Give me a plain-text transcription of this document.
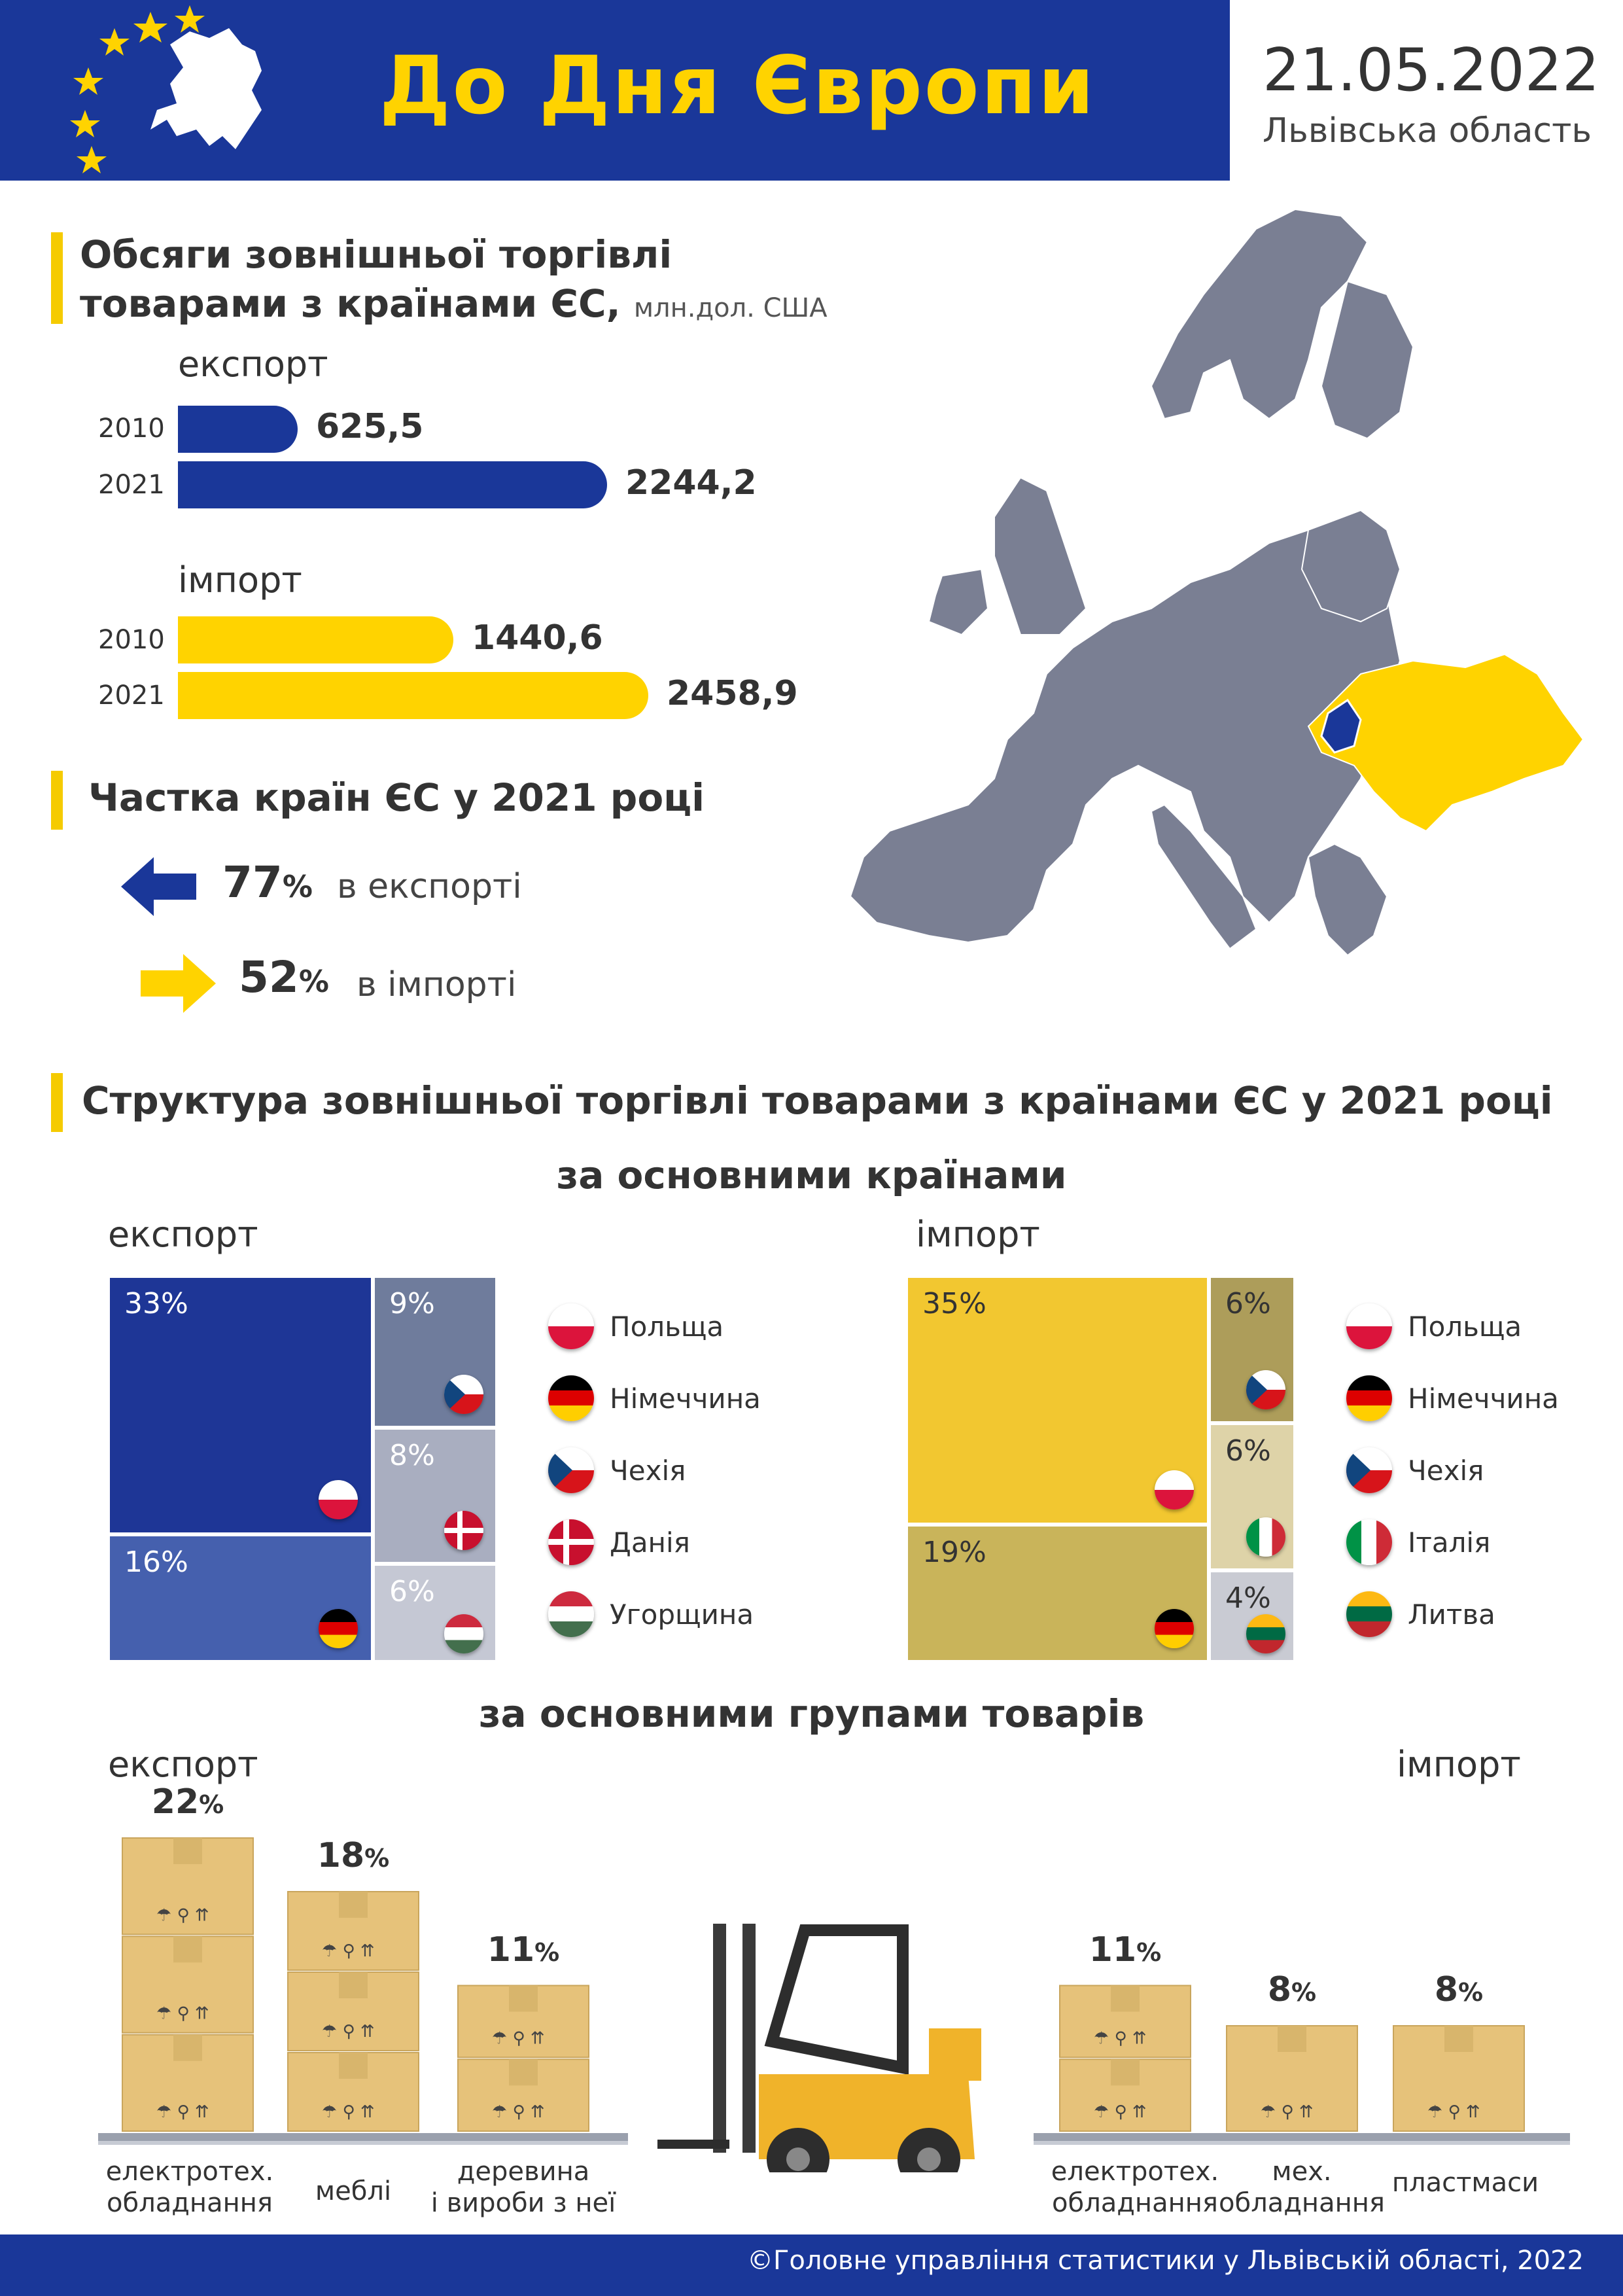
До Дня Європи	21.05.2022
Львівська область
Обсяги зовнішньої торгівлі
товарами з країнами ЄС, млн.дол. США
експорт
2010	625,5
2021	2244,2
імпорт
2010	1440,6
2021	2458,9
Частка країн ЄС у 2021 році
77% в експорті
52% в імпорті
Структура зовнішньої торгівлі товарами з країнами ЄС у 2021 році
за основними країнами
експорт	імпорт
33%
16%
9%
8%
6%
Польща
Німеччина
Чехія
Данія
Угорщина
35%
19%
6%
6%
4%
Польща
Німеччина
Чехія
Італія
Литва
за основними групами товарів
експорт	імпорт
☂ ⚲ ⇈
☂ ⚲ ⇈
☂ ⚲ ⇈
☂ ⚲ ⇈
☂ ⚲ ⇈
☂ ⚲ ⇈
☂ ⚲ ⇈
☂ ⚲ ⇈
☂ ⚲ ⇈
☂ ⚲ ⇈	☂ ⚲ ⇈	☂ ⚲ ⇈
22%
18%
11%	11%
8%	8%
електротех.
обладнання	меблі
деревина
і вироби з неї
електротех.
обладнання
мех.
обладнання
пластмаси
©Головне управління статистики у Львівській області, 2022
